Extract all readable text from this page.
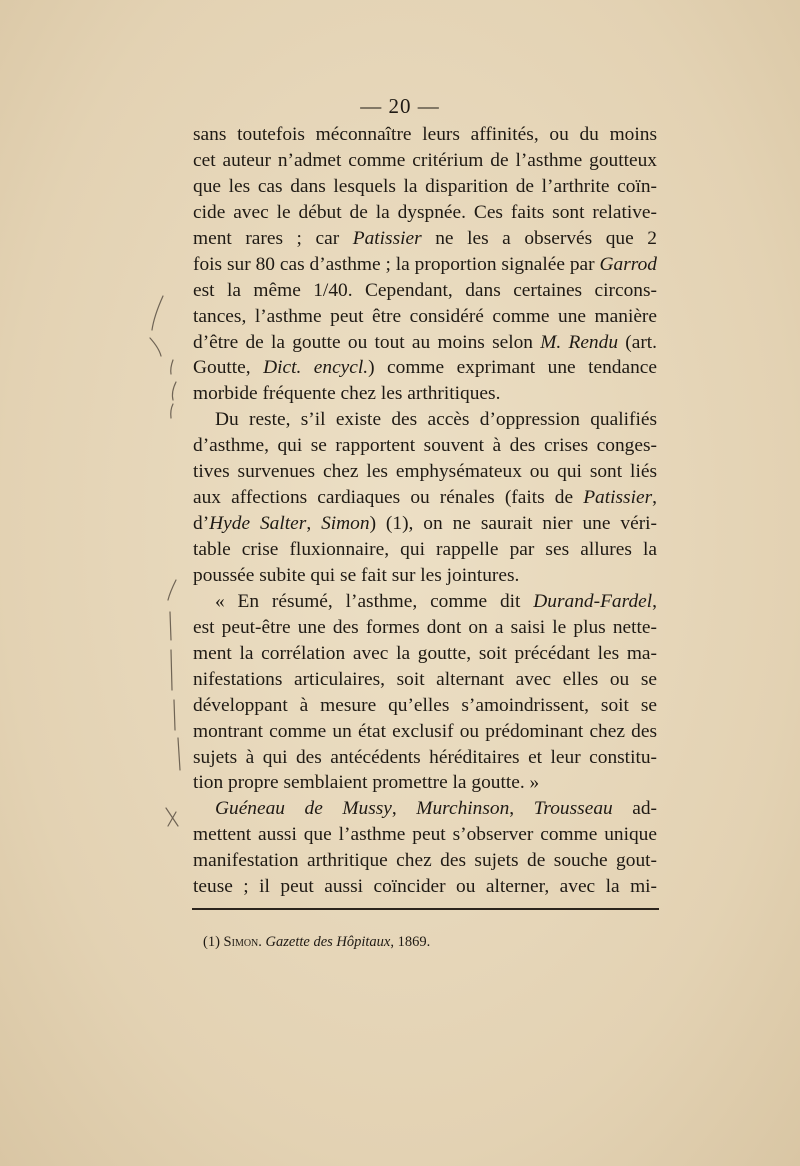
— 20 —
sans toutefois méconnaître leurs affinités, ou du moins
cet auteur n’admet comme critérium de l’asthme goutteux
que les cas dans lesquels la disparition de l’arthrite coïn-
cide avec le début de la dyspnée. Ces faits sont relative-
ment rares ; car Patissier ne les a observés que 2
fois sur 80 cas d’asthme ; la proportion signalée par Garrod
est la même 1/40. Cependant, dans certaines circons-
tances, l’asthme peut être considéré comme une manière
d’être de la goutte ou tout au moins selon M. Rendu (art.
Goutte, Dict. encycl.) comme exprimant une tendance
morbide fréquente chez les arthritiques.
Du reste, s’il existe des accès d’oppression qualifiés
d’asthme, qui se rapportent souvent à des crises conges-
tives survenues chez les emphysémateux ou qui sont liés
aux affections cardiaques ou rénales (faits de Patissier,
d’Hyde Salter, Simon) (1), on ne saurait nier une véri-
table crise fluxionnaire, qui rappelle par ses allures la
poussée subite qui se fait sur les jointures.
« En résumé, l’asthme, comme dit Durand-Fardel,
est peut-être une des formes dont on a saisi le plus nette-
ment la corrélation avec la goutte, soit précédant les ma-
nifestations articulaires, soit alternant avec elles ou se
développant à mesure qu’elles s’amoindrissent, soit se
montrant comme un état exclusif ou prédominant chez des
sujets à qui des antécédents héréditaires et leur constitu-
tion propre semblaient promettre la goutte. »
Guéneau de Mussy, Murchinson, Trousseau ad-
mettent aussi que l’asthme peut s’observer comme unique
manifestation arthritique chez des sujets de souche gout-
teuse ; il peut aussi coïncider ou alterner, avec la mi-
(1) Simon. Gazette des Hôpitaux, 1869.
